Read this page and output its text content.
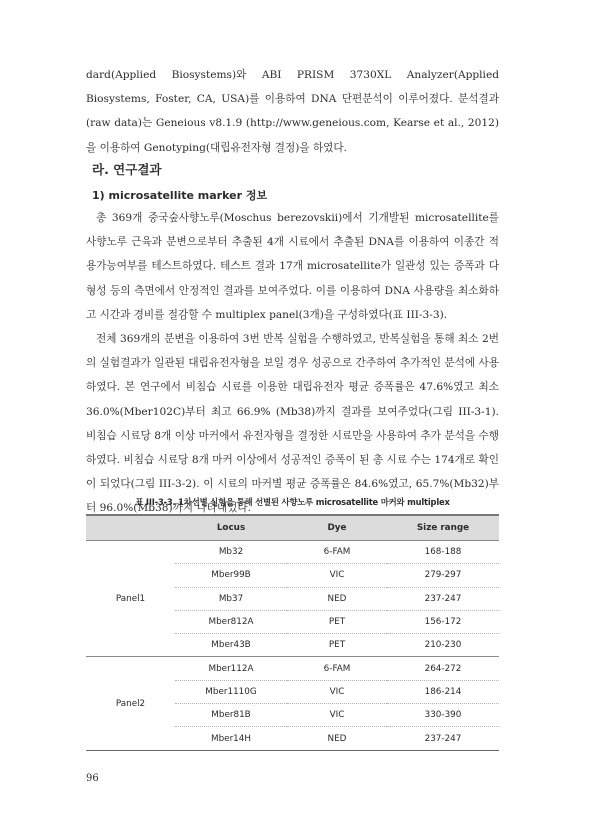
dard(Applied Biosystems)와 ABI PRISM 3730XL Analyzer(Applied Biosystems, Foster, CA, USA)를 이용하여 DNA 단편분석이 이루어졌다. 분석결과(raw data)는 Geneious v8.1.9 (http://www.geneious.com, Kearse et al., 2012)을 이용하여 Genotyping(대립유전자형 결정)을 하였다.

라. 연구결과
1) microsatellite marker 정보

총 369개 중국숲사향노루(Moschus berezovskii)에서 기개발된 microsatellite를 사향노루 근육과 분변으로부터 추출된 4개 시료에서 추출된 DNA를 이용하여 이종간 적용가능여부를 테스트하였다. 테스트 결과 17개 microsatellite가 일관성 있는 증폭과 다형성 등의 측면에서 안정적인 결과를 보여주었다. 이를 이용하여 DNA 사용량을 최소화하고 시간과 경비를 절감할 수 multiplex panel(3개)을 구성하였다(표 III-3-3).

전체 369개의 분변을 이용하여 3번 반복 실험을 수행하였고, 반복실험을 통해 최소 2번의 실험결과가 일관된 대립유전자형을 보일 경우 성공으로 간주하여 추가적인 분석에 사용하였다. 본 연구에서 비침습 시료를 이용한 대립유전자 평균 증폭률은 47.6%였고 최소 36.0%(Mber102C)부터 최고 66.9% (Mb38)까지 결과를 보여주었다(그림 III-3-1). 비침습 시료당 8개 이상 마커에서 유전자형을 결정한 시료만을 사용하여 추가 분석을 수행하였다. 비침습 시료당 8개 마커 이상에서 성공적인 증폭이 된 총 시료 수는 174개로 확인이 되었다(그림 III-3-2). 이 시료의 마커별 평균 증폭률은 84.6%였고, 65.7%(Mb32)부터 96.0%(Mb38)까지 나타내었다.

표 III-3-3. 1차선별 실험을 통해 선별된 사향노루 microsatellite 마커와 multiplex
	Locus	Dye	Size range
Panel1	Mb32	6-FAM	168-188
	Mber99B	VIC	279-297
	Mb37	NED	237-247
	Mber812A	PET	156-172
	Mber43B	PET	210-230
Panel2	Mber112A	6-FAM	264-272
	Mber1110G	VIC	186-214
	Mber81B	VIC	330-390
	Mber14H	NED	237-247

96
